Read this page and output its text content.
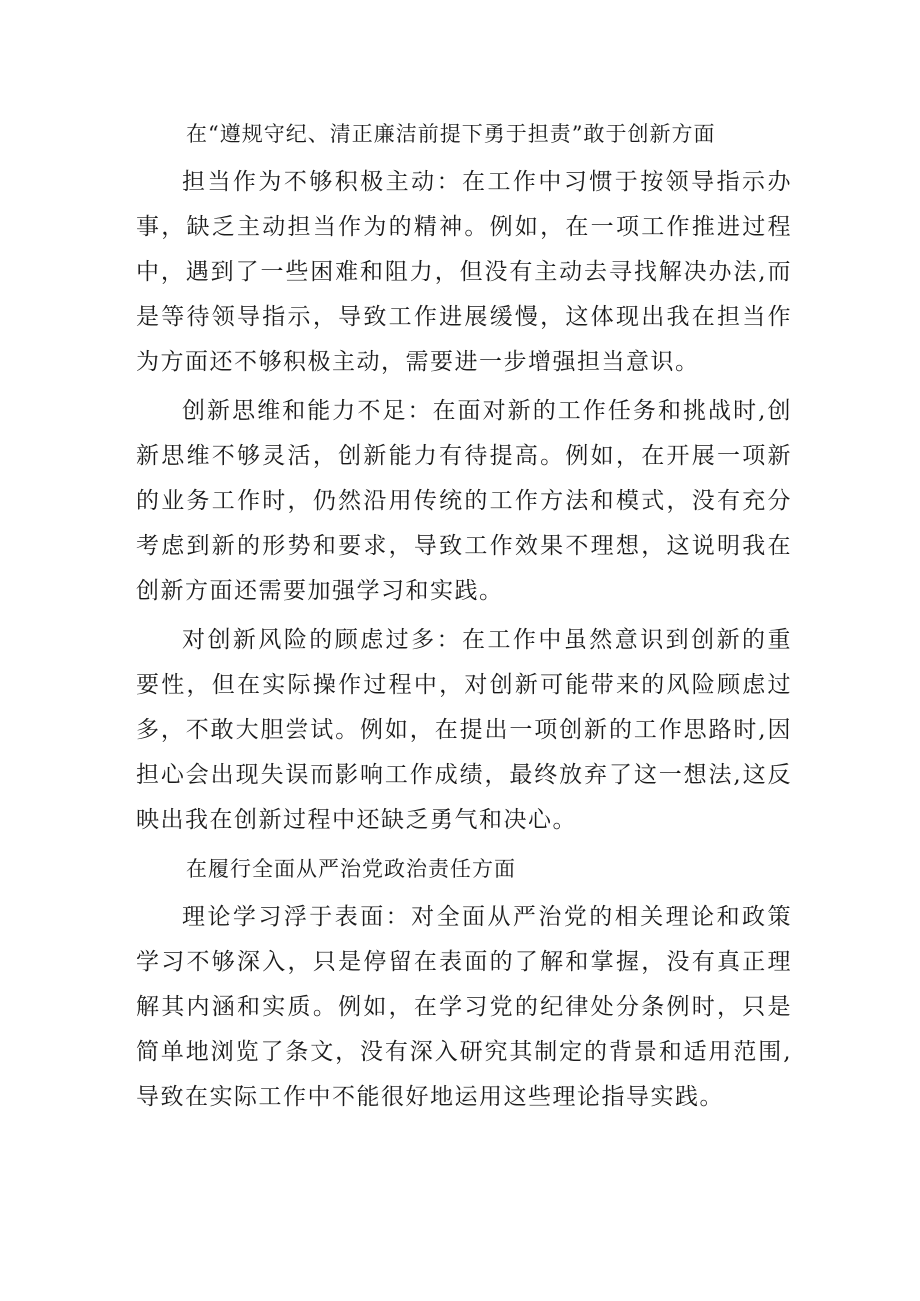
在“遵规守纪、清正廉洁前提下勇于担责”敢于创新方面

担当作为不够积极主动：在工作中习惯于按领导指示办事，缺乏主动担当作为的精神。例如，在一项工作推进过程中，遇到了一些困难和阻力，但没有主动去寻找解决办法,而是等待领导指示，导致工作进展缓慢，这体现出我在担当作为方面还不够积极主动，需要进一步增强担当意识。

创新思维和能力不足：在面对新的工作任务和挑战时,创新思维不够灵活，创新能力有待提高。例如，在开展一项新的业务工作时，仍然沿用传统的工作方法和模式，没有充分考虑到新的形势和要求，导致工作效果不理想，这说明我在创新方面还需要加强学习和实践。

对创新风险的顾虑过多：在工作中虽然意识到创新的重要性，但在实际操作过程中，对创新可能带来的风险顾虑过多，不敢大胆尝试。例如，在提出一项创新的工作思路时,因担心会出现失误而影响工作成绩，最终放弃了这一想法,这反映出我在创新过程中还缺乏勇气和决心。

在履行全面从严治党政治责任方面

理论学习浮于表面：对全面从严治党的相关理论和政策学习不够深入，只是停留在表面的了解和掌握，没有真正理解其内涵和实质。例如，在学习党的纪律处分条例时，只是简单地浏览了条文，没有深入研究其制定的背景和适用范围,导致在实际工作中不能很好地运用这些理论指导实践。
